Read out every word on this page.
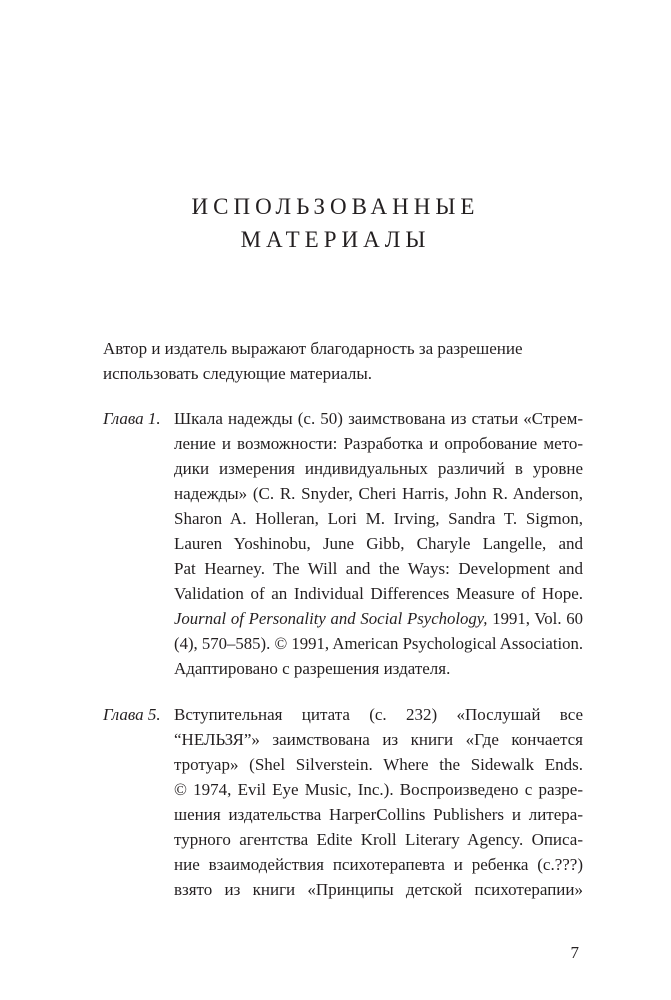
ИСПОЛЬЗОВАННЫЕ
МАТЕРИАЛЫ
Автор и издатель выражают благодарность за разрешение
использовать следующие материалы.
Глава 1. Шкала надежды (с. 50) заимствована из статьи «Стрем-
ление и возможности: Разработка и опробование мето-
дики измерения индивидуальных различий в уровне
надежды» (C. R. Snyder, Cheri Harris, John R. Anderson,
Sharon A. Holleran, Lori M. Irving, Sandra T. Sigmon,
Lauren Yoshinobu, June Gibb, Charyle Langelle, and
Pat Hearney. The Will and the Ways: Development and
Validation of an Individual Differences Measure of Hope.
Journal of Personality and Social Psychology, 1991, Vol. 60
(4), 570–585). © 1991, American Psychological Association.
Адаптировано с разрешения издателя.
Глава 5. Вступительная цитата (с. 232) «Послушай все
“НЕЛЬЗЯ”» заимствована из книги «Где кончается
тротуар» (Shel Silverstein. Where the Sidewalk Ends.
© 1974, Evil Eye Music, Inc.). Воспроизведено с разре-
шения издательства HarperCollins Publishers и литера-
турного агентства Edite Kroll Literary Agency. Описа-
ние взаимодействия психотерапевта и ребенка (с.???)
взято из книги «Принципы детской психотерапии»
7
